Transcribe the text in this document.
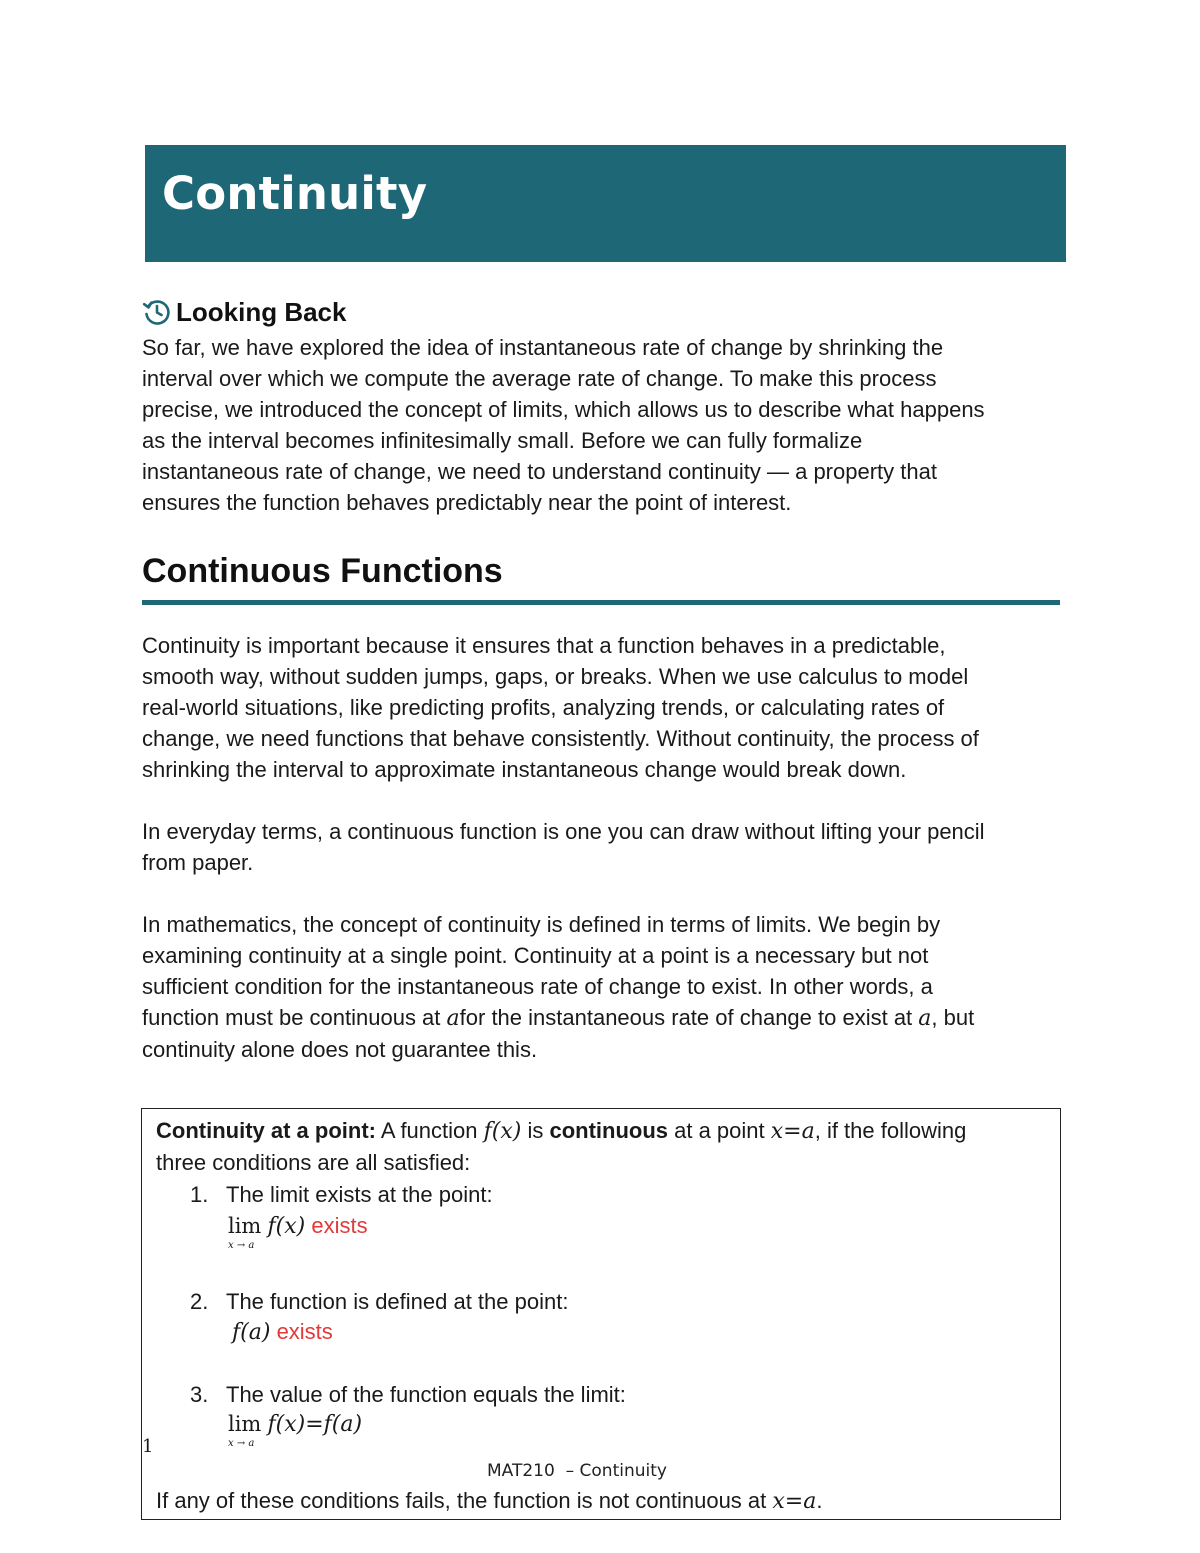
Continuity
Looking Back
So far, we have explored the idea of instantaneous rate of change by shrinking the
interval over which we compute the average rate of change. To make this process
precise, we introduced the concept of limits, which allows us to describe what happens
as the interval becomes infinitesimally small. Before we can fully formalize
instantaneous rate of change, we need to understand continuity — a property that
ensures the function behaves predictably near the point of interest.
Continuous Functions
Continuity is important because it ensures that a function behaves in a predictable,
smooth way, without sudden jumps, gaps, or breaks. When we use calculus to model
real-world situations, like predicting profits, analyzing trends, or calculating rates of
change, we need functions that behave consistently. Without continuity, the process of
shrinking the interval to approximate instantaneous change would break down.
In everyday terms, a continuous function is one you can draw without lifting your pencil
from paper.
In mathematics, the concept of continuity is defined in terms of limits. We begin by
examining continuity at a single point. Continuity at a point is a necessary but not
sufficient condition for the instantaneous rate of change to exist. In other words, a
function must be continuous at afor the instantaneous rate of change to exist at a, but
continuity alone does not guarantee this.

Continuity at a point: A function f(x) is continuous at a point x=a, if the following

three conditions are all satisfied:

1. The limit exists at the point:

lim
x → a
f(x) exists

2. The function is defined at the point:

f(a) exists

3. The value of the function equals the limit:

lim
x → a
f(x)=f(a)

If any of these conditions fails, the function is not continuous at x=a.

1
MAT210  – Continuity
